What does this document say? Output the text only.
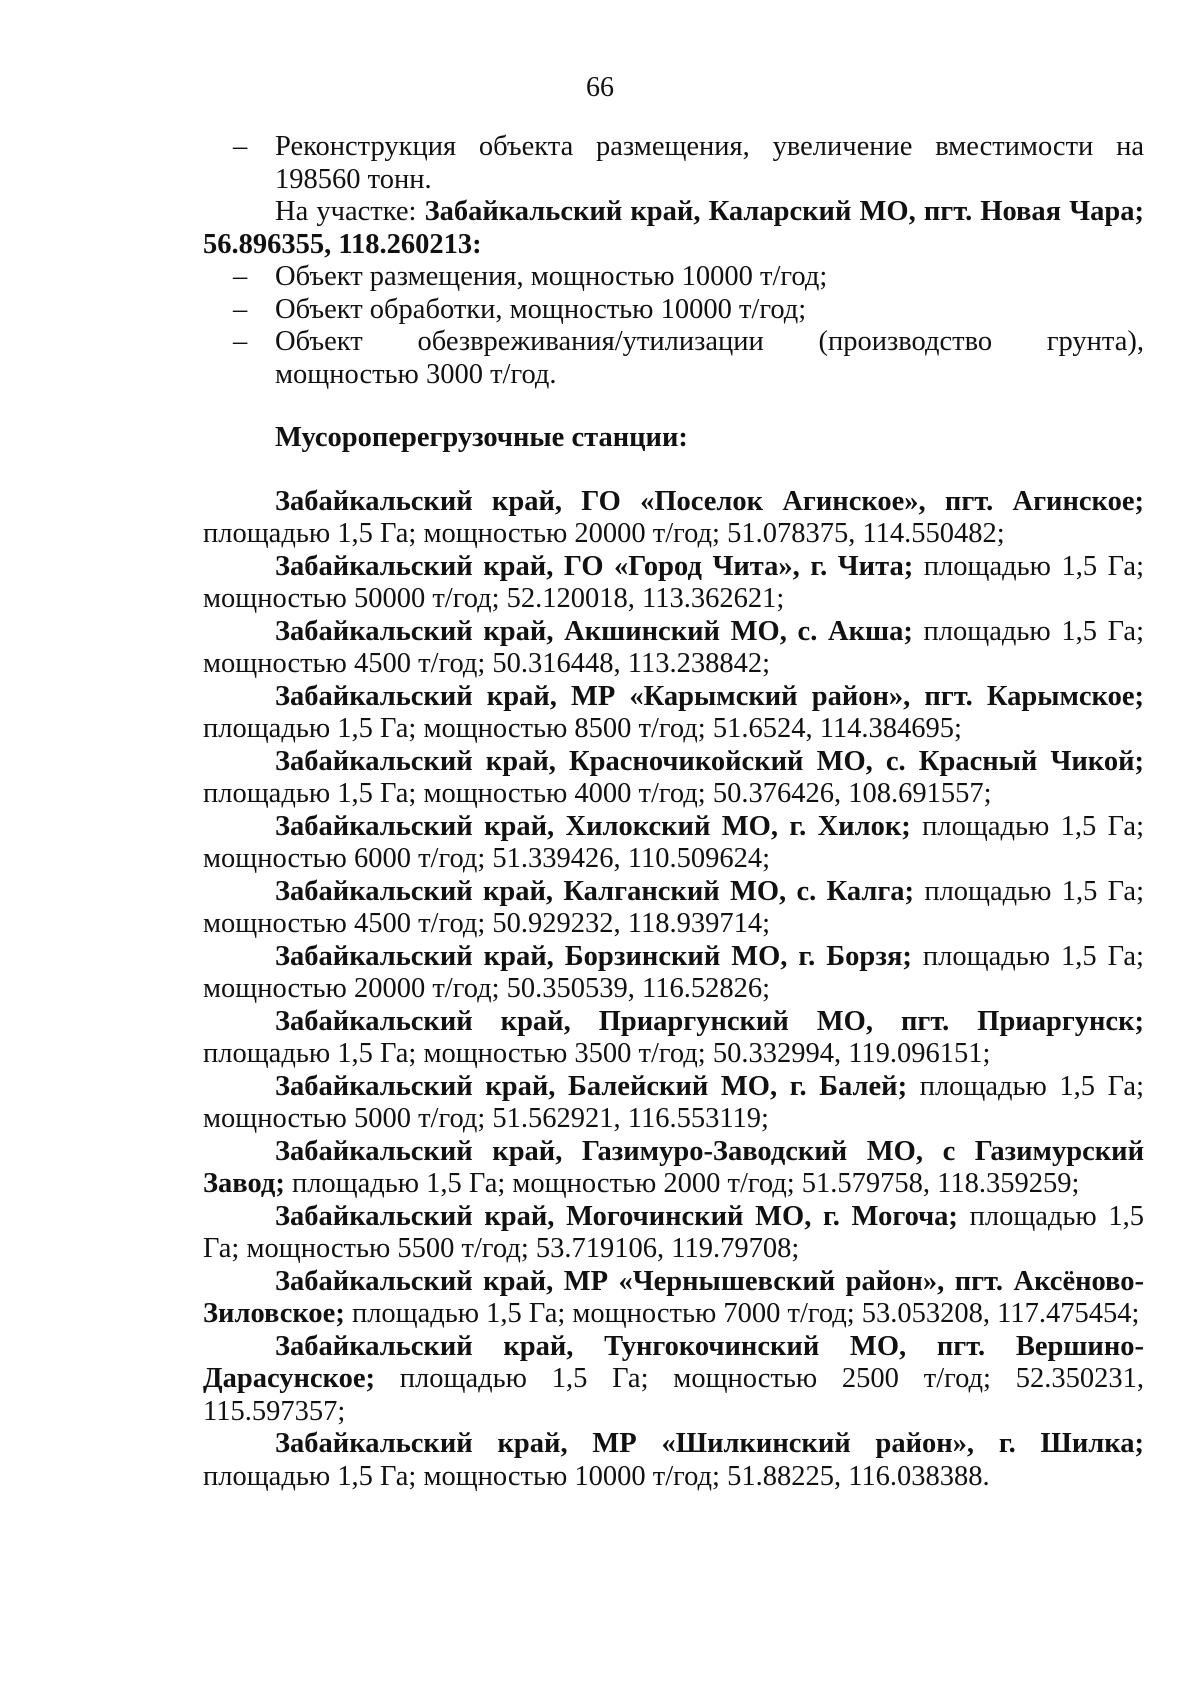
66
– Реконструкция объекта размещения, увеличение вместимости на 198560 тонн.

На участке: Забайкальский край, Каларский МО, пгт. Новая Чара; 56.896355, 118.260213:

– Объект размещения, мощностью 10000 т/год;
– Объект обработки, мощностью 10000 т/год;
– Объект обезвреживания/утилизации (производство грунта), мощностью 3000 т/год.
Мусороперегрузочные станции:

Забайкальский край, ГО «Поселок Агинское», пгт. Агинское; площадью 1,5 Га; мощностью 20000 т/год; 51.078375, 114.550482;

Забайкальский край, ГО «Город Чита», г. Чита; площадью 1,5 Га; мощностью 50000 т/год; 52.120018, 113.362621;

Забайкальский край, Акшинский МО, с. Акша; площадью 1,5 Га; мощностью 4500 т/год; 50.316448, 113.238842;

Забайкальский край, МР «Карымский район», пгт. Карымское; площадью 1,5 Га; мощностью 8500 т/год; 51.6524, 114.384695;

Забайкальский край, Красночикойский МО, с. Красный Чикой; площадью 1,5 Га; мощностью 4000 т/год; 50.376426, 108.691557;

Забайкальский край, Хилокский МО, г. Хилок; площадью 1,5 Га; мощностью 6000 т/год; 51.339426, 110.509624;

Забайкальский край, Калганский МО, с. Калга; площадью 1,5 Га; мощностью 4500 т/год; 50.929232, 118.939714;

Забайкальский край, Борзинский МО, г. Борзя; площадью 1,5 Га; мощностью 20000 т/год; 50.350539, 116.52826;

Забайкальский край, Приаргунский МО, пгт. Приаргунск; площадью 1,5 Га; мощностью 3500 т/год; 50.332994, 119.096151;

Забайкальский край, Балейский МО, г. Балей; площадью 1,5 Га; мощностью 5000 т/год; 51.562921, 116.553119;

Забайкальский край, Газимуро-Заводский МО, с Газимурский Завод; площадью 1,5 Га; мощностью 2000 т/год; 51.579758, 118.359259;

Забайкальский край, Могочинский МО, г. Могоча; площадью 1,5 Га; мощностью 5500 т/год; 53.719106, 119.79708;

Забайкальский край, МР «Чернышевский район», пгт. Аксёново-Зиловское; площадью 1,5 Га; мощностью 7000 т/год; 53.053208, 117.475454;

Забайкальский край, Тунгокочинский МО, пгт. Вершино-Дарасунское; площадью 1,5 Га; мощностью 2500 т/год; 52.350231, 115.597357;

Забайкальский край, МР «Шилкинский район», г. Шилка; площадью 1,5 Га; мощностью 10000 т/год; 51.88225, 116.038388.
